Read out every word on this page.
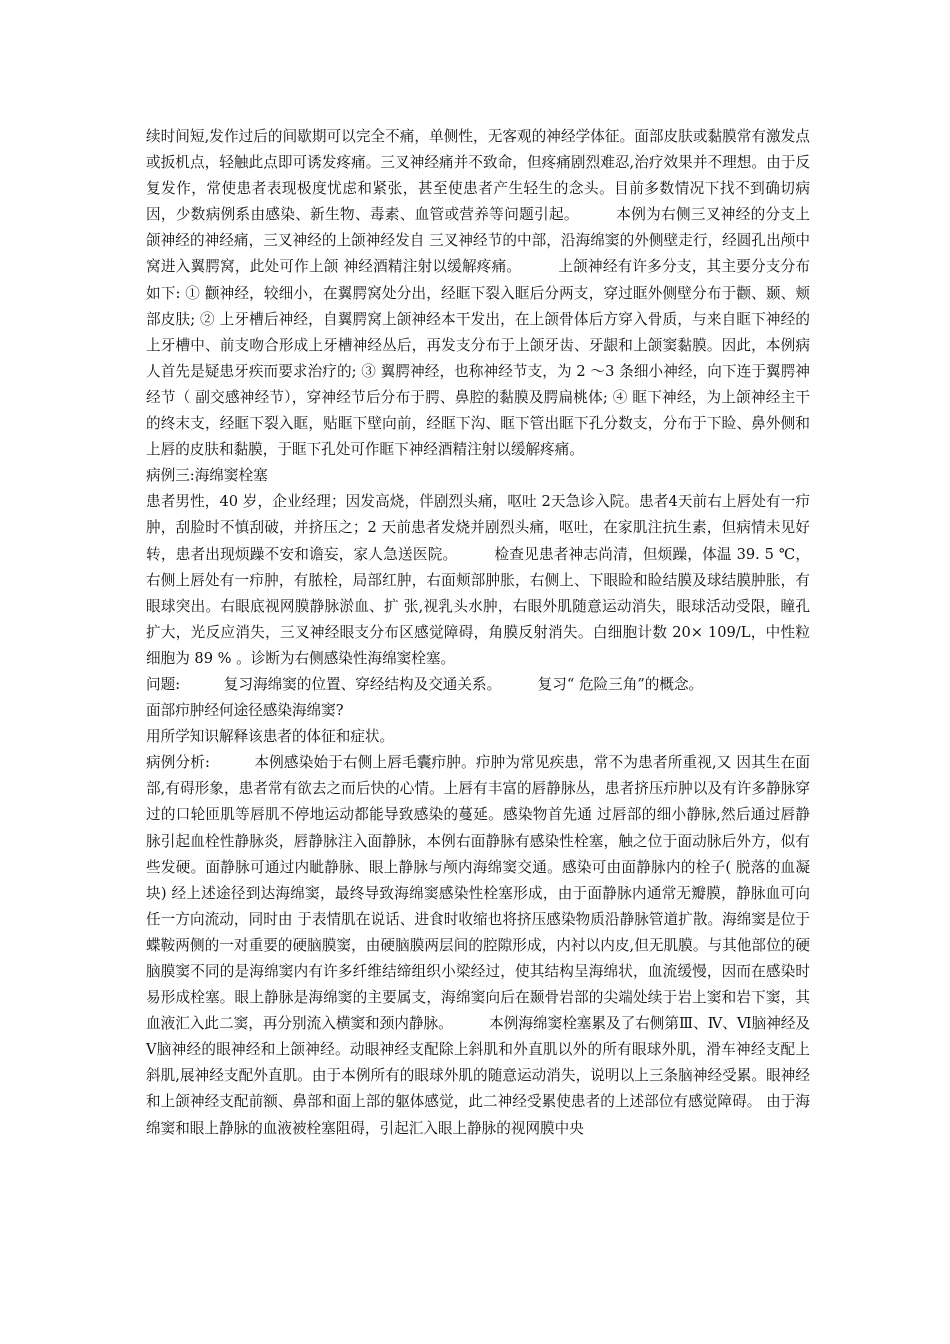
续时间短,发作过后的间歇期可以完全不痛，单侧性，无客观的神经学体征。面部皮肤或黏膜常有激发点或扳机点，轻触此点即可诱发疼痛。三叉神经痛并不致命，但疼痛剧烈难忍,治疗效果并不理想。由于反复发作，常使患者表现极度忧虑和紧张，甚至使患者产生轻生的念头。目前多数情况下找不到确切病因，少数病例系由感染、新生物、毒素、血管或营养等问题引起。　　　本例为右侧三叉神经的分支上颌神经的神经痛，三叉神经的上颌神经发自 三叉神经节的中部，沿海绵窦的外侧壁走行，经圆孔出颅中窝进入翼腭窝，此处可作上颌 神经酒精注射以缓解疼痛。　　　上颌神经有许多分支，其主要分支分布如下: ① 颧神经，较细小，在翼腭窝处分出，经眶下裂入眶后分两支，穿过眶外侧壁分布于颧、颞、颊部皮肤; ② 上牙槽后神经，自翼腭窝上颌神经本干发出，在上颌骨体后方穿入骨质，与来自眶下神经的上牙槽中、前支吻合形成上牙槽神经丛后，再发支分布于上颌牙齿、牙龈和上颌窦黏膜。因此，本例病人首先是疑患牙疾而要求治疗的; ③ 翼腭神经，也称神经节支，为 2 ～3 条细小神经，向下连于翼腭神经节（ 副交感神经节），穿神经节后分布于腭、鼻腔的黏膜及腭扁桃体; ④ 眶下神经，为上颌神经主干的终末支，经眶下裂入眶，贴眶下壁向前，经眶下沟、眶下管出眶下孔分数支，分布于下睑、鼻外侧和上唇的皮肤和黏膜，于眶下孔处可作眶下神经酒精注射以缓解疼痛。

病例三:海绵窦栓塞

患者男性，40 岁，企业经理；因发高烧，伴剧烈头痛，呕吐 2天急诊入院。患者4天前右上唇处有一疖肿，刮脸时不慎刮破，并挤压之；2 天前患者发烧并剧烈头痛，呕吐，在家肌注抗生素，但病情未见好转，患者出现烦躁不安和谵妄，家人急送医院。　　　检查见患者神志尚清，但烦躁，体温 39. 5 ℃，右侧上唇处有一疖肿，有脓栓，局部红肿，右面颊部肿胀，右侧上、下眼睑和睑结膜及球结膜肿胀，有眼球突出。右眼底视网膜静脉淤血、扩 张,视乳头水肿，右眼外肌随意运动消失，眼球活动受限，瞳孔扩大，光反应消失，三叉神经眼支分布区感觉障碍，角膜反射消失。白细胞计数 20× 109/L，中性粒细胞为 89 % 。诊断为右侧感染性海绵窦栓塞。

问题:　　　复习海绵窦的位置、穿经结构及交通关系。　　　复习“ 危险三角”的概念。

面部疖肿经何途径感染海绵窦?

用所学知识解释该患者的体征和症状。

病例分析:　　　本例感染始于右侧上唇毛囊疖肿。疖肿为常见疾患，常不为患者所重视,又 因其生在面部,有碍形象，患者常有欲去之而后快的心情。上唇有丰富的唇静脉丛，患者挤压疖肿以及有许多静脉穿过的口轮匝肌等唇肌不停地运动都能导致感染的蔓延。感染物首先通 过唇部的细小静脉,然后通过唇静脉引起血栓性静脉炎，唇静脉注入面静脉，本例右面静脉有感染性栓塞，触之位于面动脉后外方，似有些发硬。面静脉可通过内眦静脉、眼上静脉与颅内海绵窦交通。感染可由面静脉内的栓子( 脱落的血凝块) 经上述途径到达海绵窦，最终导致海绵窦感染性栓塞形成，由于面静脉内通常无瓣膜，静脉血可向任一方向流动，同时由 于表情肌在说话、进食时收缩也将挤压感染物质沿静脉管道扩散。海绵窦是位于蝶鞍两侧的一对重要的硬脑膜窦，由硬脑膜两层间的腔隙形成，内衬以内皮,但无肌膜。与其他部位的硬脑膜窦不同的是海绵窦内有许多纤维结缔组织小梁经过，使其结构呈海绵状，血流缓慢，因而在感染时易形成栓塞。眼上静脉是海绵窦的主要属支，海绵窦向后在颞骨岩部的尖端处续于岩上窦和岩下窦，其血液汇入此二窦，再分别流入横窦和颈内静脉。　　　本例海绵窦栓塞累及了右侧第Ⅲ、Ⅳ、Ⅵ脑神经及Ⅴ脑神经的眼神经和上颌神经。动眼神经支配除上斜肌和外直肌以外的所有眼球外肌，滑车神经支配上斜肌,展神经支配外直肌。由于本例所有的眼球外肌的随意运动消失，说明以上三条脑神经受累。眼神经和上颌神经支配前额、鼻部和面上部的躯体感觉，此二神经受累使患者的上述部位有感觉障碍。 由于海绵窦和眼上静脉的血液被栓塞阻碍，引起汇入眼上静脉的视网膜中央
